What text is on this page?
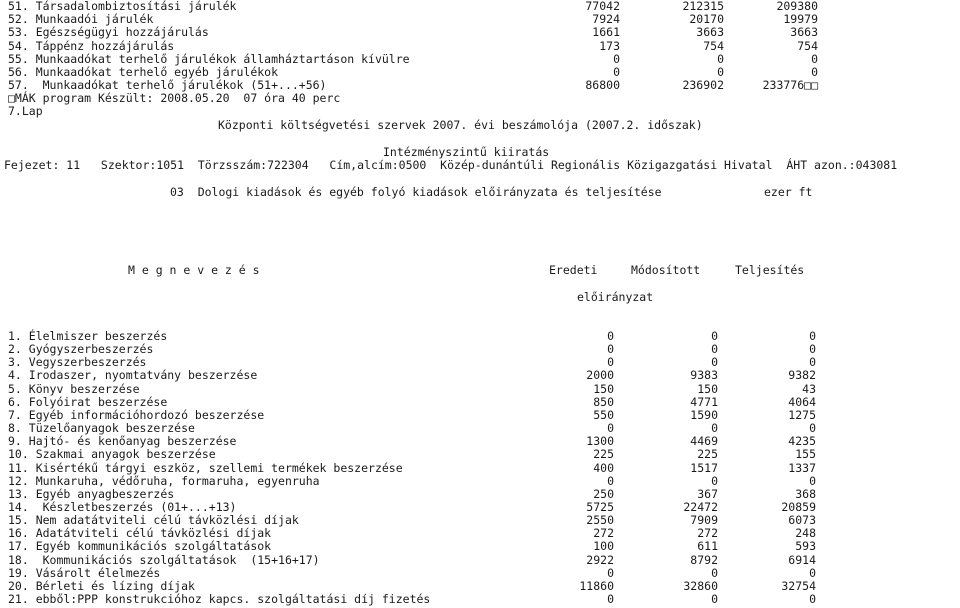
51. Társadalombiztosítási járulék	77042	212315	209380
52. Munkaadói járulék	7924	20170	19979
53. Egészségügyi hozzájárulás	1661	3663	3663
54. Táppénz hozzájárulás	173	754	754
55. Munkaadókat terhelő járulékok államháztartáson kívülre	0	0	0
56. Munkaadókat terhelő egyéb járulékok	0	0	0
57.  Munkaadókat terhelő járulékok (51+...+56)	86800	236902	233776□□
□MÁK program Készült: 2008.05.20  07 óra 40 perc
7.Lap
Központi költségvetési szervek 2007. évi beszámolója (2007.2. időszak)
Intézményszintű kiiratás
Fejezet: 11   Szektor:1051  Törzsszám:722304   Cím,alcím:0500  Közép-dunántúli Regionális Közigazgatási Hivatal  ÁHT azon.:043081
03  Dologi kiadások és egyéb folyó kiadások előirányzata és teljesítése	ezer ft
M e g n e v e z é s	Eredeti	Módosított	Teljesítés
előirányzat
1. Élelmiszer beszerzés	0	0	0
2. Gyógyszerbeszerzés	0	0	0
3. Vegyszerbeszerzés	0	0	0
4. Irodaszer, nyomtatvány beszerzése	2000	9383	9382
5. Könyv beszerzése	150	150	43
6. Folyóirat beszerzése	850	4771	4064
7. Egyéb információhordozó beszerzése	550	1590	1275
8. Tüzelőanyagok beszerzése	0	0	0
9. Hajtó- és kenőanyag beszerzése	1300	4469	4235
10. Szakmai anyagok beszerzése	225	225	155
11. Kisértékű tárgyi eszköz, szellemi termékek beszerzése	400	1517	1337
12. Munkaruha, védőruha, formaruha, egyenruha	0	0	0
13. Egyéb anyagbeszerzés	250	367	368
14.  Készletbeszerzés (01+...+13)	5725	22472	20859
15. Nem adatátviteli célú távközlési díjak	2550	7909	6073
16. Adatátviteli célú távközlési díjak	272	272	248
17. Egyéb kommunikációs szolgáltatások	100	611	593
18.  Kommunikációs szolgáltatások  (15+16+17)	2922	8792	6914
19. Vásárolt élelmezés	0	0	0
20. Bérleti és lízing díjak	11860	32860	32754
21. ebből:PPP konstrukcióhoz kapcs. szolgáltatási díj fizetés	0	0	0
